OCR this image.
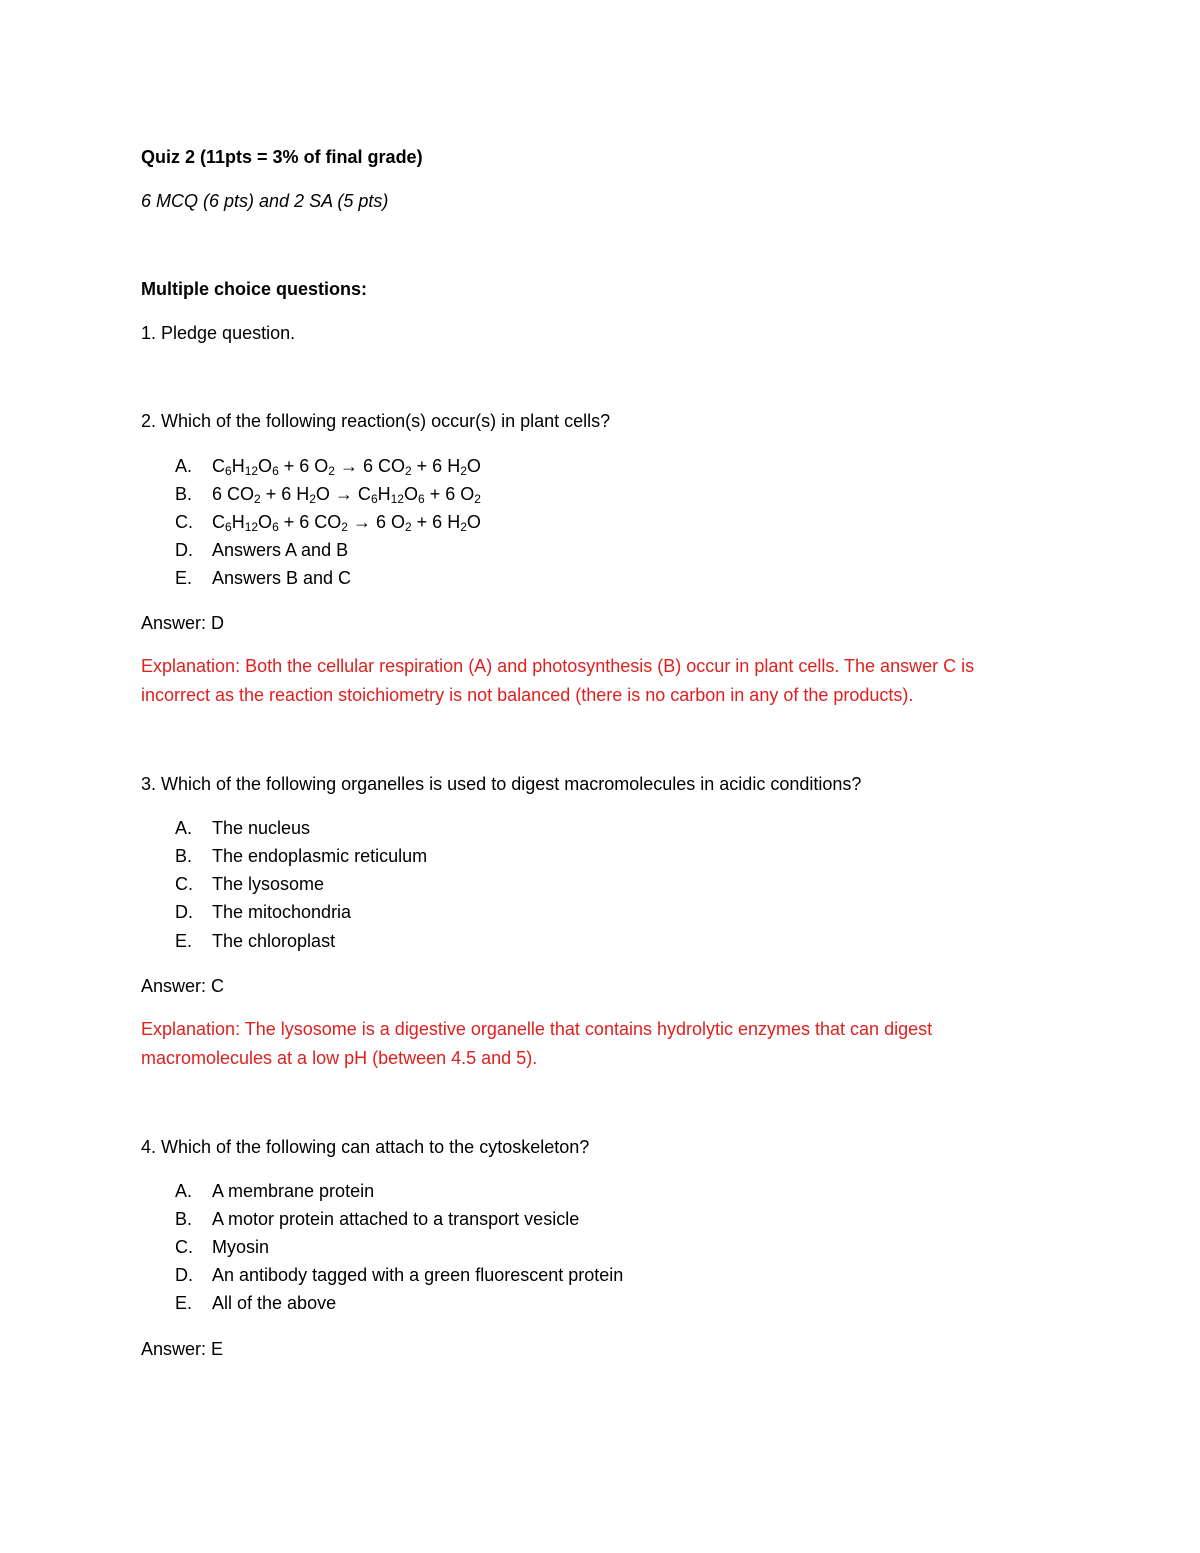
Quiz 2 (11pts = 3% of final grade)
6 MCQ (6 pts) and 2 SA (5 pts)
Multiple choice questions:
1. Pledge question.
2. Which of the following reaction(s) occur(s) in plant cells?
A. $C_6H_{12}O_6 + 6$ $O_2 \to 6$ $CO_2 + 6$ $H_2O$
B. 6 $CO_2 + 6$ $H_2O \to C_6H_{12}O_6 + 6$ $O_2$
C. $C_6H_{12}O_6 + 6$ $CO_2 \to 6$ $O_2 + 6$ $H_2O$
D. Answers A and B
E. Answers B and C
Answer: D
Explanation: Both the cellular respiration (A) and photosynthesis (B) occur in plant cells. The answer C is
incorrect as the reaction stoichiometry is not balanced (there is no carbon in any of the products).
3. Which of the following organelles is used to digest macromolecules in acidic conditions?
A. The nucleus
B. The endoplasmic reticulum
C. The lysosome
D. The mitochondria
E. The chloroplast
Answer: C
Explanation: The lysosome is a digestive organelle that contains hydrolytic enzymes that can digest
macromolecules at a low pH (between 4.5 and 5).
4. Which of the following can attach to the cytoskeleton?
A. A membrane protein
B. A motor protein attached to a transport vesicle
C. Myosin
D. An antibody tagged with a green fluorescent protein
E. All of the above
Answer: E
